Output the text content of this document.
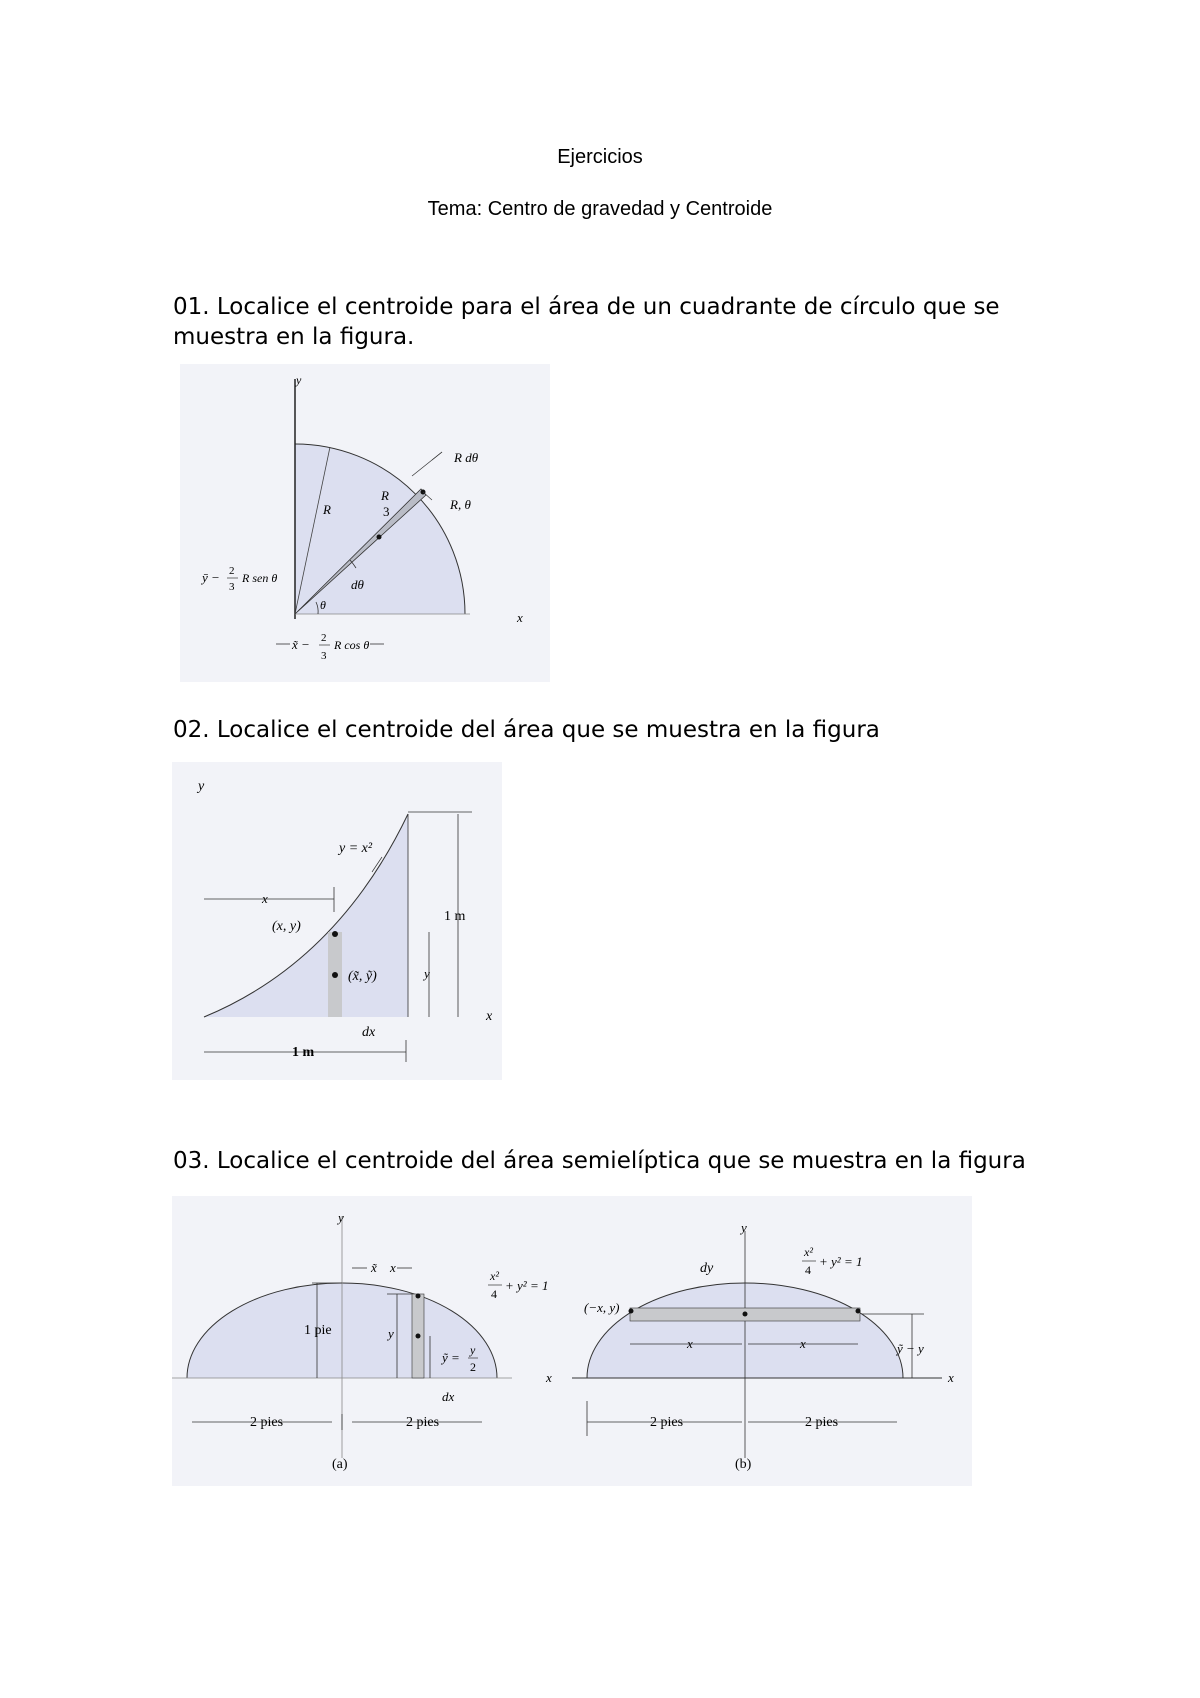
Ejercicios
Tema: Centro de gravedad y Centroide
01. Localice el centroide para el área de un cuadrante de círculo que se muestra en la figura.
y
x
R
R
3
R dθ
R, θ
dθ
θ
ȳ − 2
3
R sen θ
x̃ − 2
3
R cos θ
02. Localice el centroide del área que se muestra en la figura
y
x
y = x²
x
(x, y)
(x̃, ỹ)	y
1 m
dx
1 m
03. Localice el centroide del área semielíptica que se muestra en la figura
y
x
x̃ x
x²
4
+ y² = 1
1 pie	y
ỹ = y
2
dx
2 pies	2 pies
(a)
y
x
dy
x²
4
+ y² = 1
(−x, y)
x	x	ỹ − y
2 pies	2 pies
(b)
